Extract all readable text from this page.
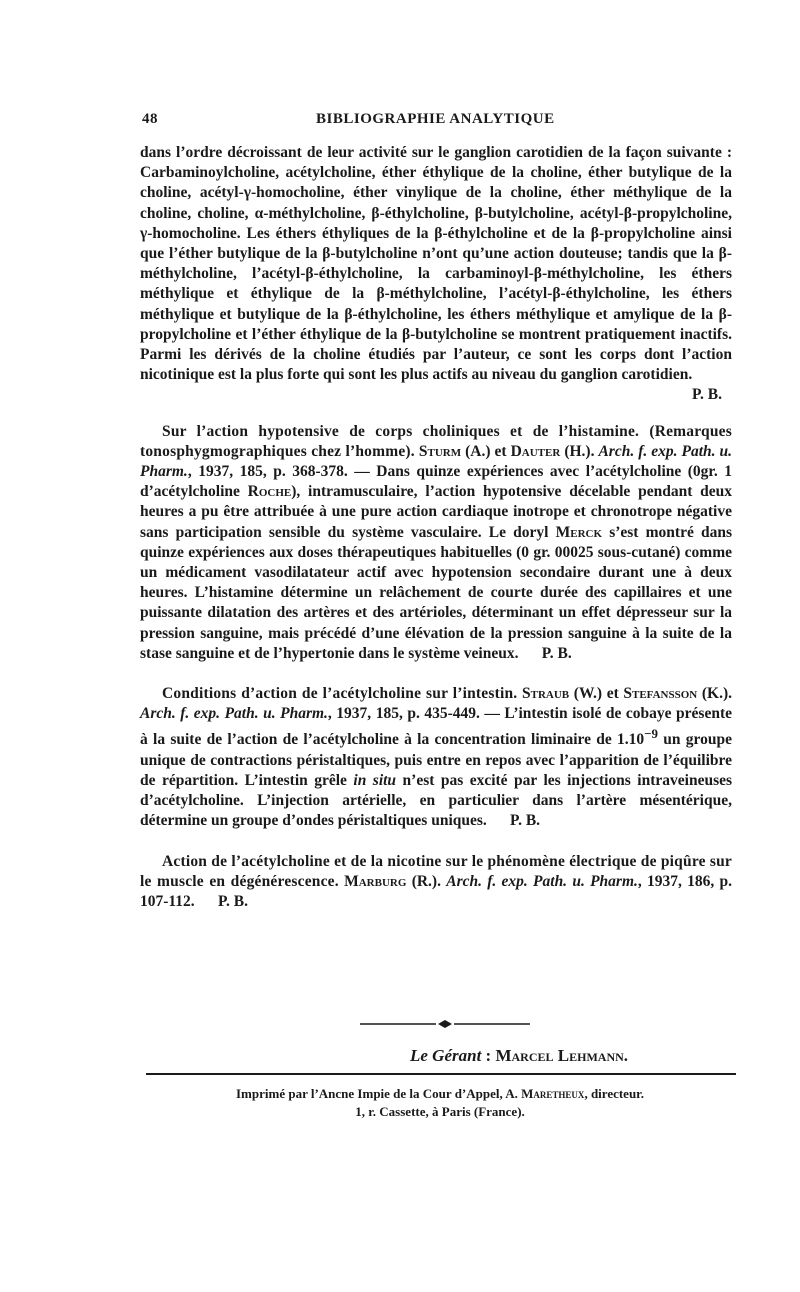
48	BIBLIOGRAPHIE ANALYTIQUE

dans l’ordre décroissant de leur activité sur le ganglion carotidien de la façon suivante : Carbaminoylcholine, acétylcholine, éther éthylique de la choline, éther butylique de la choline, acétyl-γ-homocholine, éther vinylique de la choline, éther méthylique de la choline, choline, α-méthylcholine, β-éthylcholine, β-butylcholine, acétyl-β-propylcholine, γ-homocholine. Les éthers éthyliques de la β-éthylcholine et de la β-propylcholine ainsi que l’éther butylique de la β-butylcholine n’ont qu’une action douteuse; tandis que la β-méthylcholine, l’acétyl-β-éthylcholine, la carbaminoyl-β-méthylcholine, les éthers méthylique et éthylique de la β-méthylcholine, l’acétyl-β-éthylcholine, les éthers méthylique et butylique de la β-éthylcholine, les éthers méthylique et amylique de la β-propylcholine et l’éther éthylique de la β-butylcholine se montrent pratiquement inactifs. Parmi les dérivés de la choline étudiés par l’auteur, ce sont les corps dont l’action nicotinique est la plus forte qui sont les plus actifs au niveau du ganglion carotidien.

P. B.

Sur l’action hypotensive de corps choliniques et de l’histamine. (Remarques tonosphygmographiques chez l’homme). Sturm (A.) et Dauter (H.). Arch. f. exp. Path. u. Pharm., 1937, 185, p. 368-378. — Dans quinze expériences avec l’acétylcholine (0gr. 1 d’acétylcholine Roche), intramusculaire, l’action hypotensive décelable pendant deux heures a pu être attribuée à une pure action cardiaque inotrope et chronotrope négative sans participation sensible du système vasculaire. Le doryl Merck s’est montré dans quinze expériences aux doses thérapeutiques habituelles (0 gr. 00025 sous-cutané) comme un médicament vasodilatateur actif avec hypotension secondaire durant une à deux heures. L’histamine détermine un relâchement de courte durée des capillaires et une puissante dilatation des artères et des artérioles, déterminant un effet dépresseur sur la pression sanguine, mais précédé d’une élévation de la pression sanguine à la suite de la stase sanguine et de l’hypertonie dans le système veineux. P. B.

Conditions d’action de l’acétylcholine sur l’intestin. Straub (W.) et Stefansson (K.). Arch. f. exp. Path. u. Pharm., 1937, 185, p. 435-449. — L’intestin isolé de cobaye présente à la suite de l’action de l’acétylcholine à la concentration liminaire de $1.10^{-9}$ un groupe unique de contractions péristaltiques, puis entre en repos avec l’apparition de l’équilibre de répartition. L’intestin grêle in situ n’est pas excité par les injections intraveineuses d’acétylcholine. L’injection artérielle, en particulier dans l’artère mésentérique, détermine un groupe d’ondes péristaltiques uniques. P. B.

Action de l’acétylcholine et de la nicotine sur le phénomène électrique de piqûre sur le muscle en dégénérescence. Marburg (R.). Arch. f. exp. Path. u. Pharm., 1937, 186, p. 107-112. P. B.

Le Gérant : Marcel Lehmann.
Imprimé par l’Ancne Impie de la Cour d’Appel, A. Maretheux, directeur.
1, r. Cassette, à Paris (France).
